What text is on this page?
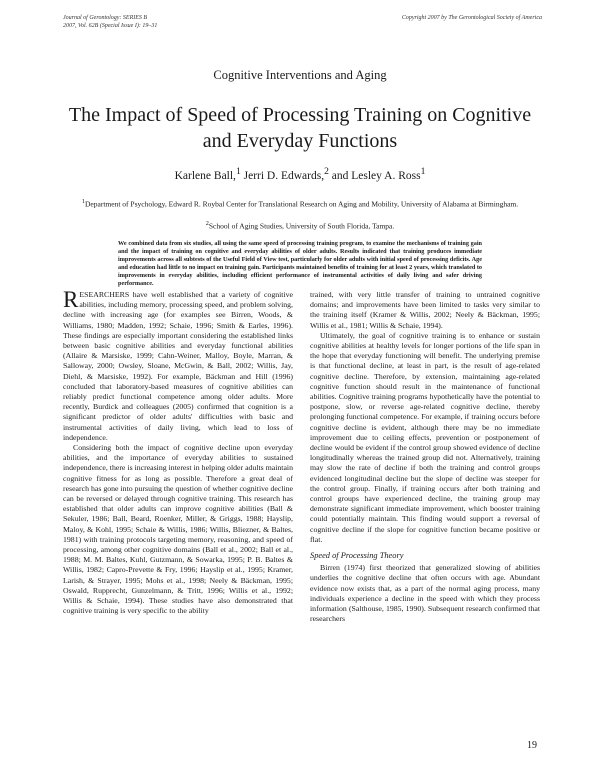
Journal of Gerontology: SERIES B
2007, Vol. 62B (Special Issue I): 19–31
Copyright 2007 by The Gerontological Society of America
Cognitive Interventions and Aging
The Impact of Speed of Processing Training on Cognitive and Everyday Functions
Karlene Ball,$^1$ Jerri D. Edwards,$^2$ and Lesley A. Ross$^1$
$^1$Department of Psychology, Edward R. Roybal Center for Translational Research on Aging and Mobility, University of Alabama at Birmingham.
$^2$School of Aging Studies, University of South Florida, Tampa.
We combined data from six studies, all using the same speed of processing training program, to examine the mechanisms of training gain and the impact of training on cognitive and everyday abilities of older adults. Results indicated that training produces immediate improvements across all subtests of the Useful Field of View test, particularly for older adults with initial speed of processing deficits. Age and education had little to no impact on training gain. Participants maintained benefits of training for at least 2 years, which translated to improvements in everyday abilities, including efficient performance of instrumental activities of daily living and safer driving performance.

RESEARCHERS have well established that a variety of cognitive abilities, including memory, processing speed, and problem solving, decline with increasing age (for examples see Birren, Woods, & Williams, 1980; Madden, 1992; Schaie, 1996; Smith & Earles, 1996). These findings are especially important considering the established links between basic cognitive abilities and everyday functional abilities (Allaire & Marsiske, 1999; Cahn-Weiner, Malloy, Boyle, Marran, & Salloway, 2000; Owsley, Sloane, McGwin, & Ball, 2002; Willis, Jay, Diehl, & Marsiske, 1992). For example, Bäckman and Hill (1996) concluded that laboratory-based measures of cognitive abilities can reliably predict functional competence among older adults. More recently, Burdick and colleagues (2005) confirmed that cognition is a significant predictor of older adults' difficulties with basic and instrumental activities of daily living, which lead to loss of independence.

Considering both the impact of cognitive decline upon everyday abilities, and the importance of everyday abilities to sustained independence, there is increasing interest in helping older adults maintain cognitive fitness for as long as possible. Therefore a great deal of research has gone into pursuing the question of whether cognitive decline can be reversed or delayed through cognitive training. This research has established that older adults can improve cognitive abilities (Ball & Sekuler, 1986; Ball, Beard, Roenker, Miller, & Griggs, 1988; Hayslip, Maloy, & Kohl, 1995; Schaie & Willis, 1986; Willis, Bliezner, & Baltes, 1981) with training protocols targeting memory, reasoning, and speed of processing, among other cognitive domains (Ball et al., 2002; Ball et al., 1988; M. M. Baltes, Kuhl, Gutzmann, & Sowarka, 1995; P. B. Baltes & Willis, 1982; Capro-Prevette & Fry, 1996; Hayslip et al., 1995; Kramer, Larish, & Strayer, 1995; Mohs et al., 1998; Neely & Bäckman, 1995; Oswald, Rupprecht, Gunzelmann, & Tritt, 1996; Willis et al., 1992; Willis & Schaie, 1994). These studies have also demonstrated that cognitive training is very specific to the ability

trained, with very little transfer of training to untrained cognitive domains; and improvements have been limited to tasks very similar to the training itself (Kramer & Willis, 2002; Neely & Bäckman, 1995; Willis et al., 1981; Willis & Schaie, 1994).

Ultimately, the goal of cognitive training is to enhance or sustain cognitive abilities at healthy levels for longer portions of the life span in the hope that everyday functioning will benefit. The underlying premise is that functional decline, at least in part, is the result of age-related cognitive decline. Therefore, by extension, maintaining age-related cognitive function should result in the maintenance of functional abilities. Cognitive training programs hypothetically have the potential to postpone, slow, or reverse age-related cognitive decline, thereby prolonging functional competence. For example, if training occurs before cognitive decline is evident, although there may be no immediate improvement due to ceiling effects, prevention or postponement of decline would be evident if the control group showed evidence of decline longitudinally whereas the trained group did not. Alternatively, training may slow the rate of decline if both the training and control groups evidenced longitudinal decline but the slope of decline was steeper for the control group. Finally, if training occurs after both training and control groups have experienced decline, the training group may demonstrate significant immediate improvement, which booster training could potentially maintain. This finding would support a reversal of cognitive decline if the slope for cognitive function became positive or flat.

Speed of Processing Theory

Birren (1974) first theorized that generalized slowing of abilities underlies the cognitive decline that often occurs with age. Abundant evidence now exists that, as a part of the normal aging process, many individuals experience a decline in the speed with which they process information (Salthouse, 1985, 1990). Subsequent research confirmed that researchers

19
